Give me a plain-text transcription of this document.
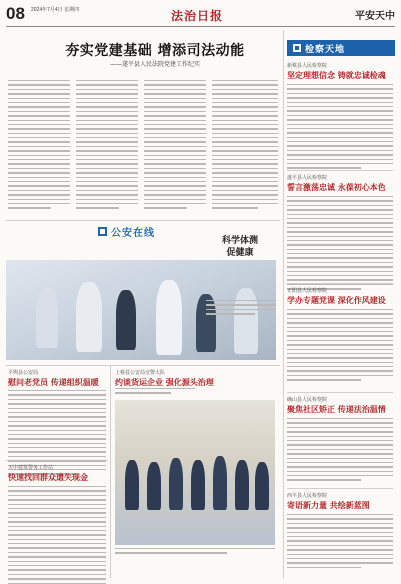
08 2024年7月4日 星期四	法治日报	平安天中
夯实党建基础 增添司法动能
——遂平县人民法院党建工作纪实
公安在线
科学体测
促健康
平舆县公安局
慰问老党员 传递组织温暖
天中建筑警务工作站
快速找回群众遗失现金
上蔡县公安局交警大队
约谈货运企业 强化源头治理
检察天地
新蔡县人民检察院
坚定理想信念 铸就忠诚检魂
遂平县人民检察院
誓言激荡忠诚 永葆初心本色
正阳县人民检察院
学办专题党课 深化作风建设
确山县人民检察院
聚焦社区矫正 传递法治温情
西平县人民检察院
寄语新力量 共绘新蓝图
